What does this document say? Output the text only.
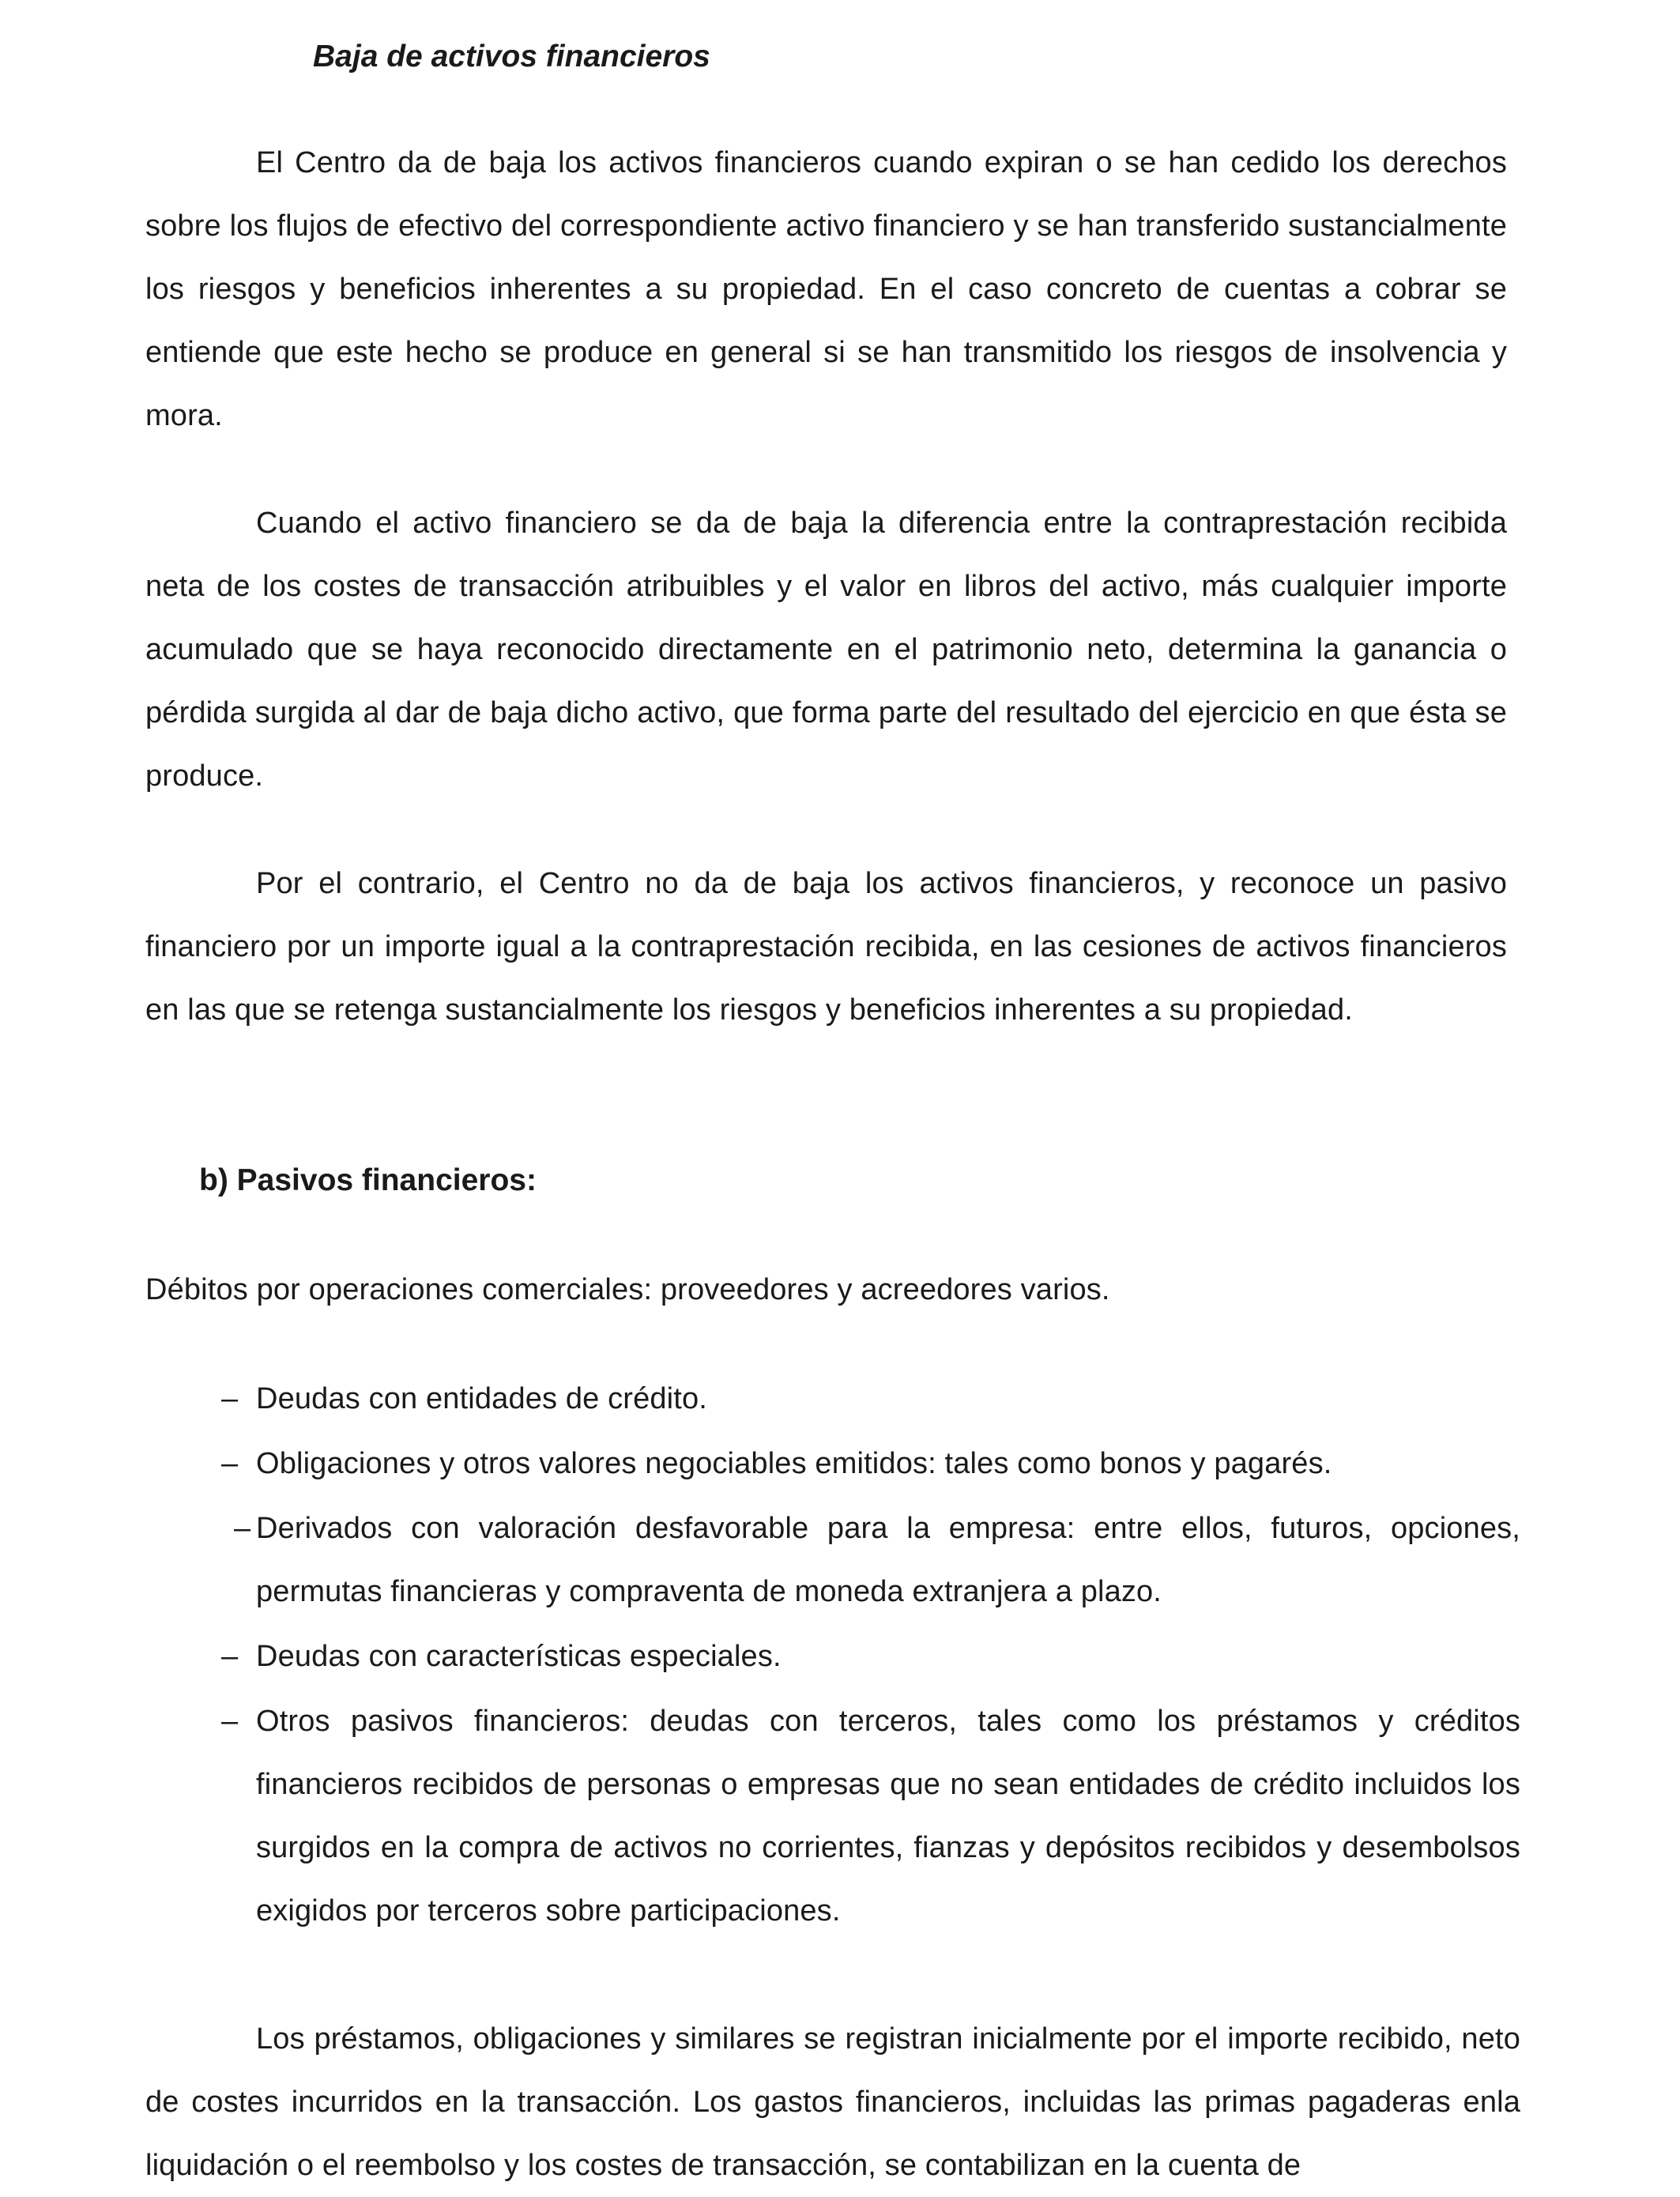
Baja de activos financieros

El Centro da de baja los activos financieros cuando expiran o se han cedido los derechos sobre los flujos de efectivo del correspondiente activo financiero y se han transferido sustancialmente los riesgos y beneficios inherentes a su propiedad. En el caso concreto de cuentas a cobrar se entiende que este hecho se produce en general si se han transmitido los riesgos de insolvencia y mora.

Cuando el activo financiero se da de baja la diferencia entre la contraprestación recibida neta de los costes de transacción atribuibles y el valor en libros del activo, más cualquier importe acumulado que se haya reconocido directamente en el patrimonio neto, determina la ganancia o pérdida surgida al dar de baja dicho activo, que forma parte del resultado del ejercicio en que ésta se produce.

Por el contrario, el Centro no da de baja los activos financieros, y reconoce un pasivo financiero por un importe igual a la contraprestación recibida, en las cesiones de activos financieros en las que se retenga sustancialmente los riesgos y beneficios inherentes a su propiedad.

b) Pasivos financieros:

Débitos por operaciones comerciales: proveedores y acreedores varios.

– Deudas con entidades de crédito.
– Obligaciones y otros valores negociables emitidos: tales como bonos y pagarés.
– Derivados con valoración desfavorable para la empresa: entre ellos, futuros, opciones, permutas financieras y compraventa de moneda extranjera a plazo.
– Deudas con características especiales.
– Otros pasivos financieros: deudas con terceros, tales como los préstamos y créditos financieros recibidos de personas o empresas que no sean entidades de crédito incluidos los surgidos en la compra de activos no corrientes, fianzas y depósitos recibidos y desembolsos exigidos por terceros sobre participaciones.

Los préstamos, obligaciones y similares se registran inicialmente por el importe recibido, neto de costes incurridos en la transacción. Los gastos financieros, incluidas las primas pagaderas enla liquidación o el reembolso y los costes de transacción, se contabilizan en la cuenta de
